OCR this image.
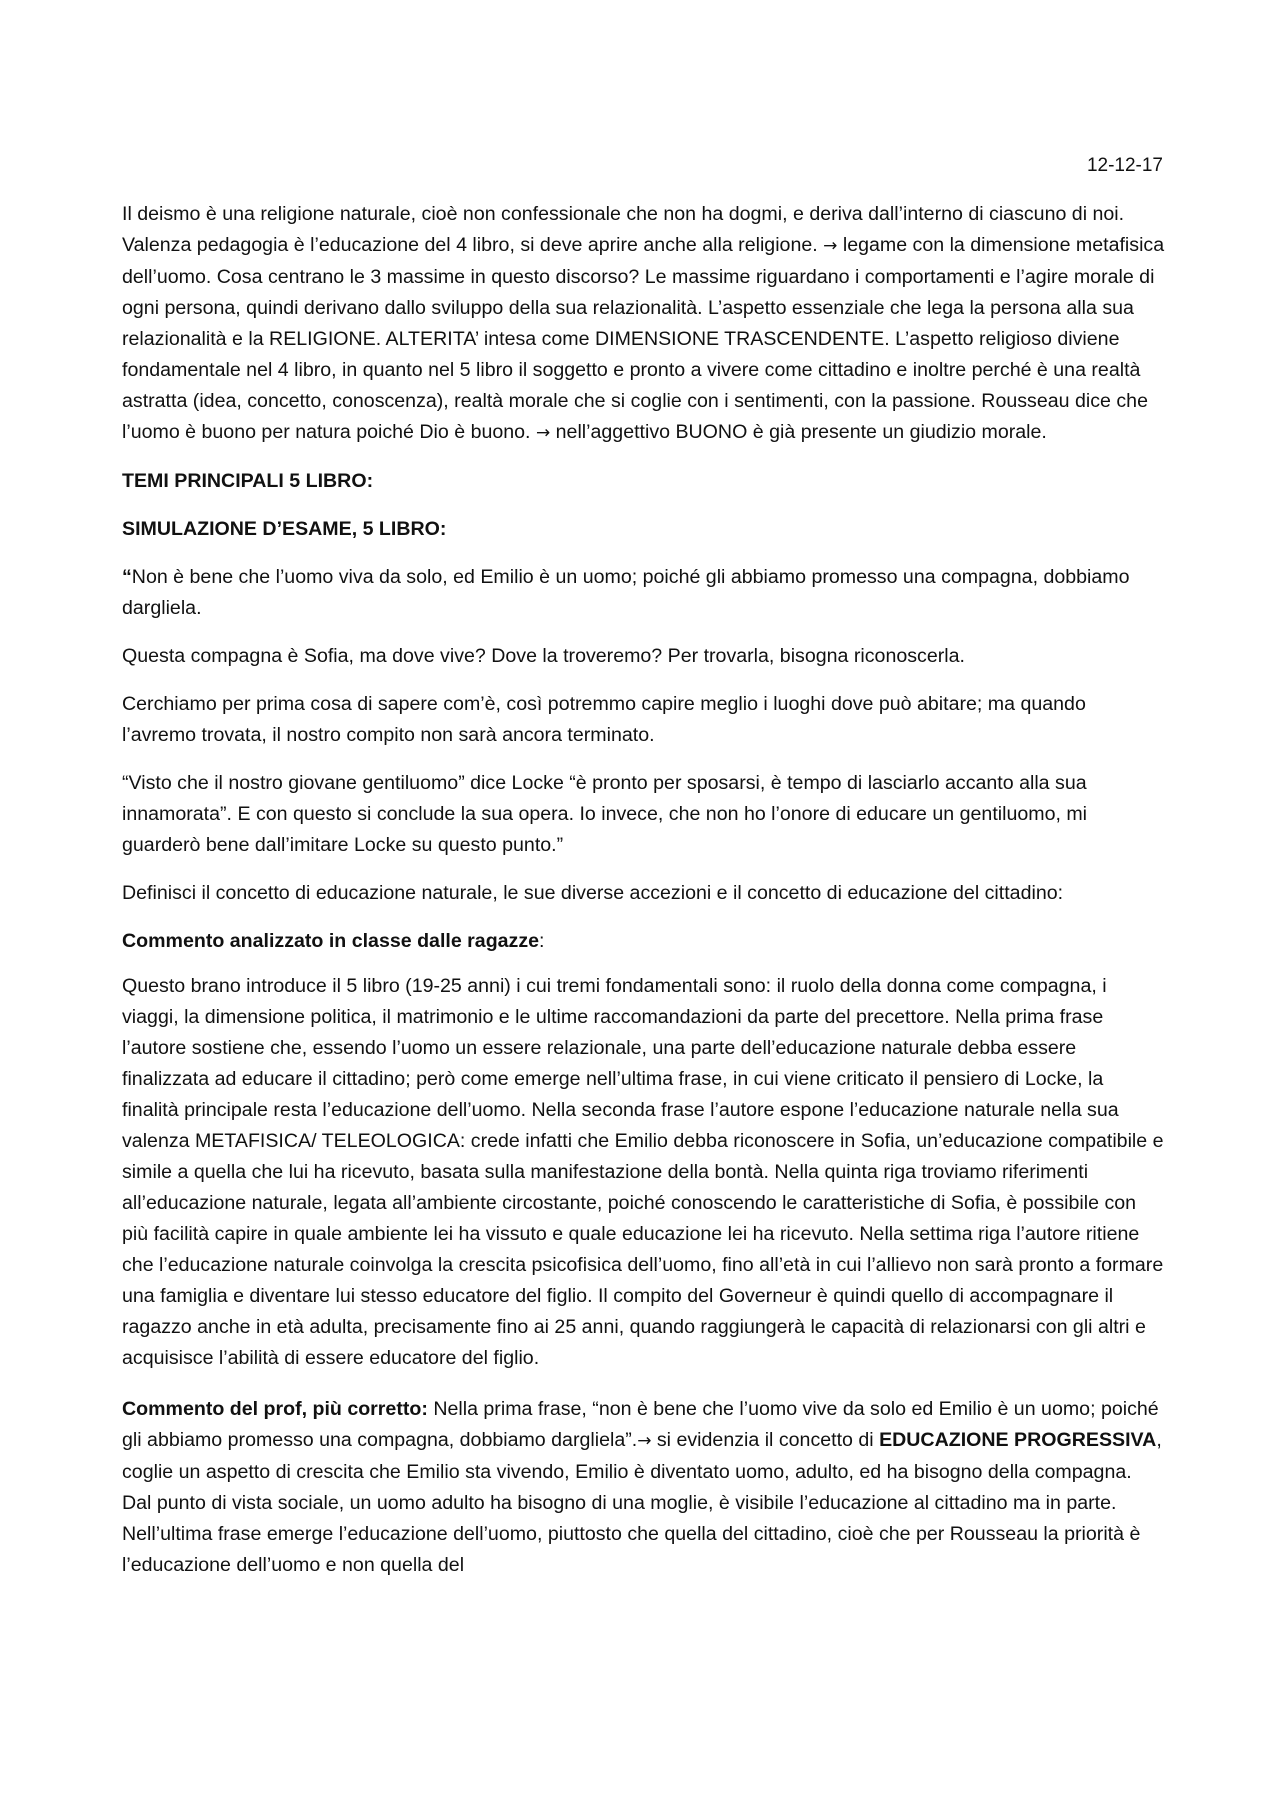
12-12-17

Il deismo è una religione naturale, cioè non confessionale che non ha dogmi, e deriva dall’interno di ciascuno di noi. Valenza pedagogia è l’educazione del 4 libro, si deve aprire anche alla religione. → legame con la dimensione metafisica dell’uomo. Cosa centrano le 3 massime in questo discorso? Le massime riguardano i comportamenti e l’agire morale di ogni persona, quindi derivano dallo sviluppo della sua relazionalità. L’aspetto essenziale che lega la persona alla sua relazionalità e la RELIGIONE. ALTERITA’ intesa come DIMENSIONE TRASCENDENTE. L’aspetto religioso diviene fondamentale nel 4 libro, in quanto nel 5 libro il soggetto e pronto a vivere come cittadino e inoltre perché è una realtà astratta (idea, concetto, conoscenza), realtà morale che si coglie con i sentimenti, con la passione. Rousseau dice che l’uomo è buono per natura poiché Dio è buono. → nell’aggettivo BUONO è già presente un giudizio morale.

TEMI PRINCIPALI 5 LIBRO:

SIMULAZIONE D’ESAME, 5 LIBRO:

“Non è bene che l’uomo viva da solo, ed Emilio è un uomo; poiché gli abbiamo promesso una compagna, dobbiamo dargliela.

Questa compagna è Sofia, ma dove vive? Dove la troveremo? Per trovarla, bisogna riconoscerla.

Cerchiamo per prima cosa di sapere com’è, così potremmo capire meglio i luoghi dove può abitare; ma quando l’avremo trovata, il nostro compito non sarà ancora terminato.

“Visto che il nostro giovane gentiluomo” dice Locke “è pronto per sposarsi, è tempo di lasciarlo accanto alla sua innamorata”. E con questo si conclude la sua opera. Io invece, che non ho l’onore di educare un gentiluomo, mi guarderò bene dall’imitare Locke su questo punto.”

Definisci il concetto di educazione naturale, le sue diverse accezioni e il concetto di educazione del cittadino:

Commento analizzato in classe dalle ragazze:

Questo brano introduce il 5 libro (19-25 anni) i cui tremi fondamentali sono: il ruolo della donna come compagna, i viaggi, la dimensione politica, il matrimonio e le ultime raccomandazioni da parte del precettore. Nella prima frase l’autore sostiene che, essendo l’uomo un essere relazionale, una parte dell’educazione naturale debba essere finalizzata ad educare il cittadino; però come emerge nell’ultima frase, in cui viene criticato il pensiero di Locke, la finalità principale resta l’educazione dell’uomo. Nella seconda frase l’autore espone l’educazione naturale nella sua valenza METAFISICA/ TELEOLOGICA: crede infatti che Emilio debba riconoscere in Sofia, un’educazione compatibile e simile a quella che lui ha ricevuto, basata sulla manifestazione della bontà. Nella quinta riga troviamo riferimenti all’educazione naturale, legata all’ambiente circostante, poiché conoscendo le caratteristiche di Sofia, è possibile con più facilità capire in quale ambiente lei ha vissuto e quale educazione lei ha ricevuto. Nella settima riga l’autore ritiene che l’educazione naturale coinvolga la crescita psicofisica dell’uomo, fino all’età in cui l’allievo non sarà pronto a formare una famiglia e diventare lui stesso educatore del figlio. Il compito del Governeur è quindi quello di accompagnare il ragazzo anche in età adulta, precisamente fino ai 25 anni, quando raggiungerà le capacità di relazionarsi con gli altri e acquisisce l’abilità di essere educatore del figlio.

Commento del prof, più corretto: Nella prima frase, “non è bene che l’uomo vive da solo ed Emilio è un uomo; poiché gli abbiamo promesso una compagna, dobbiamo dargliela”.→ si evidenzia il concetto di EDUCAZIONE PROGRESSIVA, coglie un aspetto di crescita che Emilio sta vivendo, Emilio è diventato uomo, adulto, ed ha bisogno della compagna. Dal punto di vista sociale, un uomo adulto ha bisogno di una moglie, è visibile l’educazione al cittadino ma in parte. Nell’ultima frase emerge l’educazione dell’uomo, piuttosto che quella del cittadino, cioè che per Rousseau la priorità è l’educazione dell’uomo e non quella del
